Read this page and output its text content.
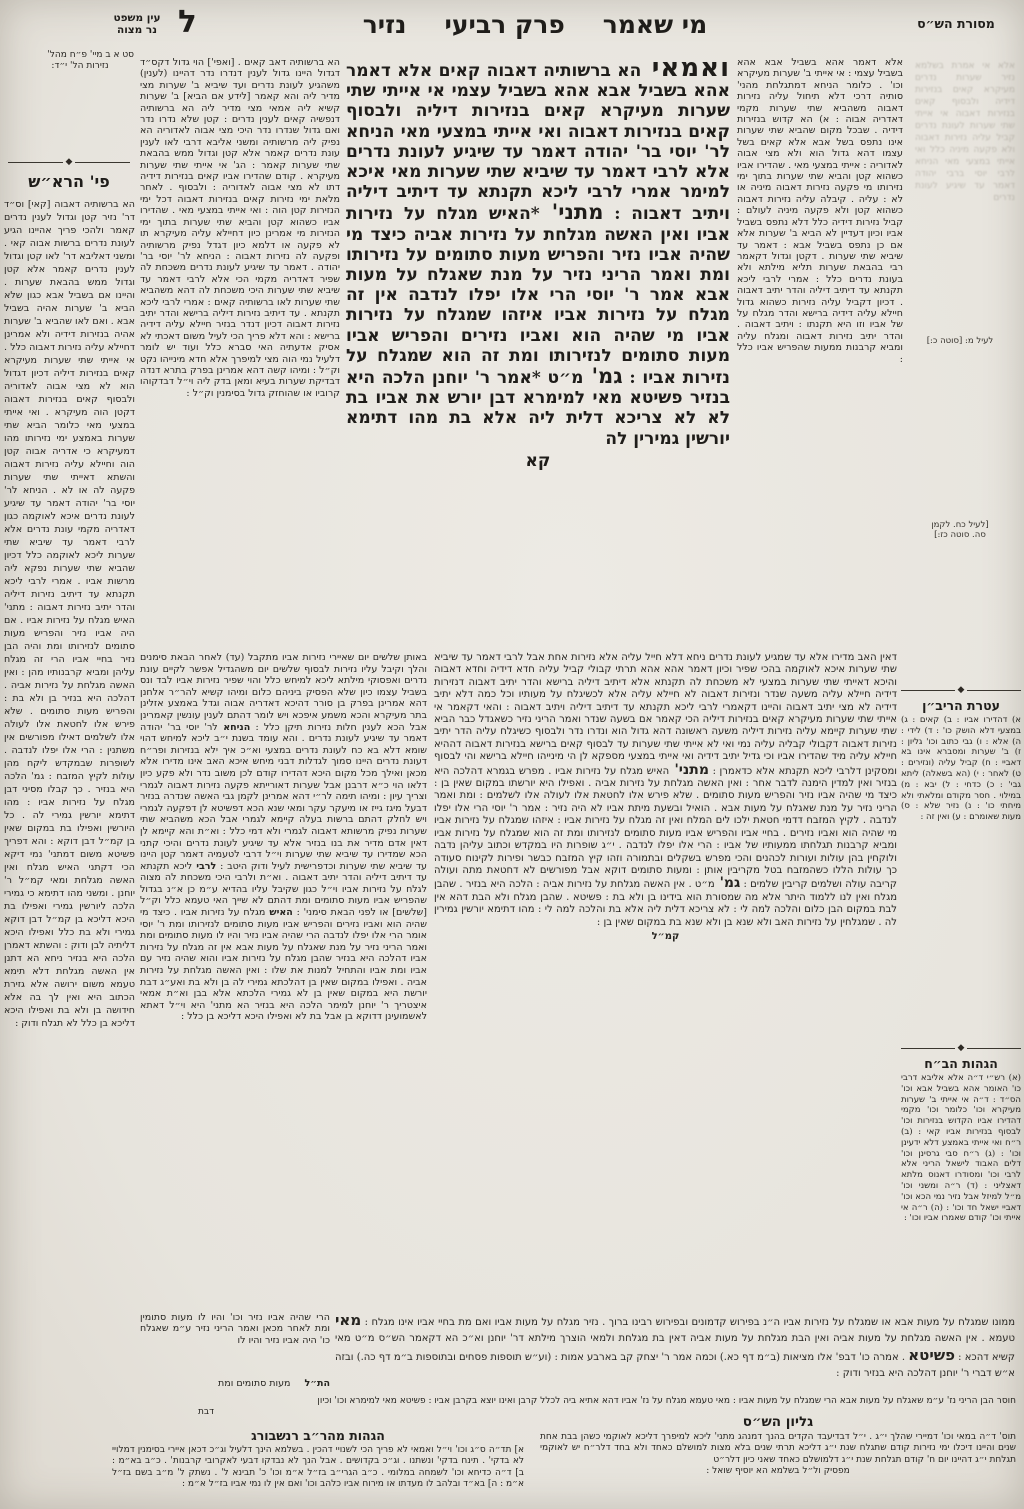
מסורת הש״ס
מי שאמר
פרק רביעי
נזיר
ל
עין משפט
נר מצוה
סט א ב מיי' פ״ח מהל'
נזירות הל' י״ד:
◆
פי' הרא״ש
הא ברשותיה דאבוה [קאי] וס״ד דר' נזיר קטן וגדול לענין נדרים קאמר ולהכי פריך אהיינו הגיע לעונת נדרים ברשות אבוה קאי . ומשני דאליבא דר' לאו קטן וגדול לענין נדרים קאמר אלא קטן וגדול ממש בהבאת שערות . והיינו אם בשביל אבא כגון שלא הביא ב' שערות אהיה בשביל אבא . ואם לאו שהביא ב' שערות אהיה בנזירות דידיה ולא אמרינן דחיילא עליה נזירות דאבוה כלל . אי אייתי שתי שערות מעיקרא קאים בנזירות דיליה דכיון דגדול הוא לא מצי אבוה לאדוריה ולבסוף קאים בנזירות דאבוה דקטן הוה מעיקרא . ואי אייתי במצעי מאי כלומר הביא שתי שערות באמצע ימי נזירותו מהו דמעיקרא כי אדריה אבוה קטן הוה וחיילא עליה נזירות דאבוה והשתא דאייתי שתי שערות פקעה לה או לא . הניחא לר' יוסי בר' יהודה דאמר עד שיגיע לעונת נדרים איכא לאוקמה כגון דאדריה מקמי עונת נדרים אלא לרבי דאמר עד שיביא שתי שערות ליכא לאוקמה כלל דכיון שהביא שתי שערות נפקא ליה מרשות אביו . אמרי לרבי ליכא תקנתא עד דיתיב נזירות דיליה והדר יתיב נזירות דאבוה : מתני' האיש מגלח על נזירות אביו . אם היה אביו נזיר והפריש מעות סתומים לנזירותו ומת והיה הבן נזיר בחיי אביו הרי זה מגלח עליהן ומביא קרבנותיו מהן : ואין האשה מגלחת על נזירות אביה . דהלכה היא בנזיר בן ולא בת : והפריש מעות סתומים . שלא פירש אלו לחטאת אלו לעולה אלו לשלמים דאילו מפורשים אין משתנין : הרי אלו יפלו לנדבה . לשופרות שבמקדש ליקח מהן עולות לקיץ המזבח : גמ' הלכה היא בנזיר . כך קבלו מסיני דבן מגלח על נזירות אביו : מהו דתימא יורשין גמירי לה . כל היורשין ואפילו בת במקום שאין בן קמ״ל דבן דוקא : והא דפריך פשיטא משום דמתני' נמי דיקא הכי דקתני האיש מגלח ואין האשה מגלחת ומאי קמ״ל ר' יוחנן . ומשני מהו דתימא כי גמירי הלכה ליורשין גמירי ואפילו בת היכא דליכא בן קמ״ל דבן דוקא גמירי ולא בת כלל ואפילו היכא דליתיה לבן ודוק : והשתא דאמרן הלכה היא בנזיר ניחא הא דתנן אין האשה מגלחת דלא תימא טעמא משום ירושה אלא גזירת הכתוב היא ואין לך בה אלא חידושה בן ולא בת ואפילו היכא דליכא בן כלל לא תגלח ודוק :
הא ברשותיה דאב קאים . [ואפי'] הוי גדול דקס״ד דגדול היינו גדול לענין דנדרו נדר דהיינו (לענין) משהגיע לעונת נדרים ועד שיביא ב' שערות מצי מדיר ליה והא קאמר [לידע אם הביא] ב' שערות קשיא ליה אמאי מצי מדיר ליה הא ברשותיה דנפשיה קאים לענין נדרים : קטן שלא נדרו נדר ואם גדול שנדרו נדר היכי מצי אבוה לאדוריה הא נפיק ליה מרשותיה ומשני אליבא דרבי לאו לענין עונת נדרים קאמר אלא קטן וגדול ממש בהבאת שתי שערות קאמר : הג' אי אייתי שתי שערות מעיקרא . קודם שהדירו אביו קאים בנזירות דידיה דתו לא מצי אבוה לאדוריה : ולבסוף . לאחר מלאת ימי נזירות קאים בנזירות דאבוה דכל ימי הנזירות קטן הוה : ואי אייתי במצעי מאי . שהדירו אביו כשהוא קטן והביא שתי שערות בתוך ימי הנזירות מי אמרינן כיון דחיילא עליה מעיקרא תו לא פקעה או דלמא כיון דגדל נפיק מרשותיה ופקעה לה נזירות דאבוה : הניחא לר' יוסי בר' יהודה . דאמר עד שיגיע לעונת נדרים משכחת לה שפיר דאדריה מקמי הכי אלא לרבי דאמר עד שיביא שתי שערות היכי משכחת לה דהא משהביא שתי שערות לאו ברשותיה קאים : אמרי לרבי ליכא תקנתא . עד דיתיב נזירות דיליה ברישא והדר יתיב נזירות דאבוה דכיון דנדר בנזיר חיילא עליה דידיה ברישא : והא דלא פריך הכי לעיל משום דאכתי לא אסיק אדעתיה האי סברא כלל ועוד יש לומר דלעיל נמי הוה מצי למיפרך אלא חדא מינייהו נקט וק״ל : ומיהו קשה דהא אמרינן בפרק בתרא דנדה דבדיקת שערות בעיא ומאן בדק ליה וי״ל דבדקוהו קרוביו או שהוחזק גדול בסימנין וק״ל :
ואמאי הא ברשותיה דאבוה קאים אלא דאמר אהא בשביל אבא אהא בשביל עצמי אי אייתי שתי שערות מעיקרא קאים בנזירות דיליה ולבסוף קאים בנזירות דאבוה ואי אייתי במצעי מאי הניחא לר' יוסי בר' יהודה דאמר עד שיגיע לעונת נדרים אלא לרבי דאמר עד שיביא שתי שערות מאי איכא למימר אמרי לרבי ליכא תקנתא עד דיתיב דיליה ויתיב דאבוה : מתני' *האיש מגלח על נזירות אביו ואין האשה מגלחת על נזירות אביה כיצד מי שהיה אביו נזיר והפריש מעות סתומים על נזירותו ומת ואמר הריני נזיר על מנת שאגלח על מעות אבא אמר ר' יוסי הרי אלו יפלו לנדבה אין זה מגלח על נזירות אביו איזהו שמגלח על נזירות אביו מי שהיה הוא ואביו נזירים והפריש אביו מעות סתומים לנזירותו ומת זה הוא שמגלח על נזירות אביו : גמ' מ״ט *אמר ר' יוחנן הלכה היא בנזיר פשיטא מאי למימרא דבן יורש את אביו בת לא לא צריכא דלית ליה אלא בת מהו דתימא יורשין גמירין לה
קא
אלא דאמר אהא בשביל אבא אהא בשביל עצמי : אי אייתי ב' שערות מעיקרא וכו' . כלומר הניחא דמתגלחת מהני' סותיה דרכי דלא תיחול עליה נזירות דאבוה משהביא שתי שערות מקמי דאדריה אבוה : א) הא קדוש בנזירות דידיה . שבכל מקום שהביא שתי שערות אינו נתפס בשל אבא אלא קאים בשל עצמו דהא גדול הוא ולא מצי אבוה לאדוריה : אייתי במצעי מאי . שהדירו אביו כשהוא קטן והביא שתי שערות בתוך ימי נזירותו מי פקעה נזירות דאבוה מיניה או לא : עליה . קיבלה עליה נזירות דאבוה כשהוא קטן ולא פקעה מיניה לעולם : קביל נזירות דידיה כלל דלא נתפס בשביל אביו וכיון דעדיין לא הביא ב' שערות אלא אם כן נתפס בשביל אבא : דאמר עד שיביא שתי שערות . דקטן וגדול דקאמר רבי בהבאת שערות תליא מילתא ולא בעונת נדרים כלל : אמרי לרבי ליכא תקנתא עד דיתיב דיליה והדר יתיב דאבוה . דכיון דקביל עליה נזירות כשהוא גדול חיילא עליה דידיה ברישא והדר מגלח על של אביו וזו היא תקנתו : ויתיב דאבוה . והדר יתיב נזירות דאבוה ומגלח עליה ומביא קרבנות ממעות שהפריש אביו כלל :
אלא אי אמרת בשלמא נזיר שערות נדרים מעיקרא קאים בנזירות דידיה ולבסוף קאים בנזירות דאבוה אי אייתי שתי שערות לעונת נדרים קביל עליה נזירות דאבוה ולא פקעה מיניה כלל ואי אייתי במצעי מאי הניחא לרבי יוסי ברבי יהודה דאמר עד שיגיע לעונת נדרים
לעיל מ: [סוטה כ:]
[לעיל כח. לקמן
סה. סוטה כז:]
באותן שלשים יום שאיירי נזירות אביו מתקבל (עד) לאחר הבאת סימנים והלך וקיבל עליו נזירות לבסוף שלשים יום משהגדיל אפשר לקיים עונת נדרים ואפסוקי מילתא ליכא למיחש כלל והוי שפיר נזירות אביו לבד ונס בשביל עצמו כיון שלא הפסיק ביניהם כלום ומיהו קשיא להר״ר אלחנן דהא אמרינן בפרק בן סורר דהיכא דאדריה אבוה וגדל באמצע אזלינן בתר מעיקרא והכא משמע איפכא ויש לומר דהתם לענין עונשין קאמרינן אבל הכא לענין חלות נזירות תיקן כלל : הניחא לר' יוסי בר' יהודה דאמר עד שיגיע לעונת נדרים . והא עומד בשנת י״ב ליכא למיחש דהוי שומא דלא בא כח לעונת נדרים במצעי וא״כ איך ילא בנזירות ופר״ח דעונת נדרים היינו סמוך לגדלות דבני מיחש איכא האב אינו מדירו אלא מכאן ואילך מכל מקום היכא דהדירו קודם לכן משוב נדר ולא פקע כיון דלאו הוי כ״א דרבנן אבל שערות דאורייתא פקעה נזירות דאבוה לגמרי וצריך עיון : ומיהו תימה לר״י דהא אמרינן לקמן גבי האשה שנדרה בנזיר דבעל מיגז גייז או מיעקר עקר ומאי שנא הכא דפשיטא לן דפקעה לגמרי ויש לחלק דהתם ברשות בעלה קיימא לגמרי אבל הכא משהביא שתי שערות נפיק מרשותא דאבוה לגמרי ולא דמי כלל : וא״ת והא קיימא לן דאין אדם מדיר את בנו בנזיר אלא עד שיגיע לעונת נדרים והיכי קתני הכא שמדירו עד שיביא שתי שערות וי״ל דרבי לטעמיה דאמר קטן היינו עד שיביא שתי שערות וכדפרישית לעיל ודוק היטב : לרבי ליכא תקנתא עד דיתיב דיליה והדר יתיב דאבוה . וא״ת ולרבי היכי משכחת לה מצוה לגלח על נזירות אביו וי״ל כגון שקיבל עליו בהדיא ע״מ כן א״נ בגדול שהפריש אביו מעות סתומים ומת דהתם לא שייך האי טעמא כלל וק״ל [שלשים] או לפני הבאת סימני' : האיש מגלח על נזירות אביו . כיצד מי שהיה הוא ואביו נזירים והפריש אביו מעות סתומים לנזירותו ומת ר' יוסי אומר הרי אלו יפלו לנדבה הרי שהיה אביו נזיר והיו לו מעות סתומים ומת ואמר הריני נזיר על מנת שאגלח על מעות אבא אין זה מגלח על נזירות אביו דהלכה היא בנזיר שהבן מגלח על נזירות אביו והוא שהיה נזיר עם אביו ומת אביו והתחיל למנות את שלו : ואין האשה מגלחת על נזירות אביה . ואפילו במקום שאין בן דהלכתא גמירי לה בן ולא בת ואע״ג דבת יורשת היא במקום שאין בן לא גמירי הלכתא אלא בבן וא״ת אמאי איצטריך ר' יוחנן למימר הלכה היא בנזיר הא מתני' היא וי״ל דאתא לאשמועינן דדוקא בן אבל בת לא ואפילו היכא דליכא בן כלל :
דאין האב מדירו אלא עד שמגיע לעונת נדרים ניחא דלא חייל עליה אלא נזירות אחת אבל לרבי דאמר עד שיביא שתי שערות איכא לאוקמה בהכי שפיר וכיון דאמר אהא אהא תרתי קבולי קביל עליה חדא דידיה וחדא דאבוה והיכא דאייתי שתי שערות במצעי לא משכחת לה תקנתא אלא דיתיב דיליה ברישא והדר יתיב דאבוה דנזירות דידיה חיילא עליה משעה שנדר ונזירות דאבוה לא חיילא עליה אלא לכשיגלח על מעותיו וכל כמה דלא יתיב דידיה לא מצי יתיב דאבוה והיינו דקאמרי לרבי ליכא תקנתא עד דיתיב דיליה ויתיב דאבוה : והאי דקאמר אי אייתי שתי שערות מעיקרא קאים בנזירות דיליה הכי קאמר אם בשעה שנדר ואמר הריני נזיר כשאגדל כבר הביא שתי שערות קיימא עליה נזירות דיליה משעה ראשונה דהא גדול הוא ונדרו נדר ולבסוף כשיגלח עליה הדר יתיב נזירות דאבוה דקבולי קבליה עליה נמי ואי לא אייתי שתי שערות עד לבסוף קאים ברישא בנזירות דאבוה דההיא חיילא עליה מיד שהדירו אביו וכי גדיל יתיב דידיה ואי אייתי במצעי מספקא לן הי מינייהו חיילא ברישא והי לבסוף ומסקינן דלרבי ליכא תקנתא אלא כדאמרן : מתני' האיש מגלח על נזירות אביו . מפרש בגמרא דהלכה היא בנזיר ואין למדין הימנה לדבר אחר : ואין האשה מגלחת על נזירות אביה . ואפילו היא יורשתו במקום שאין בן : כיצד מי שהיה אביו נזיר והפריש מעות סתומים . שלא פירש אלו לחטאת אלו לעולה אלו לשלמים : ומת ואמר הריני נזיר על מנת שאגלח על מעות אבא . הואיל ובשעת מיתת אביו לא היה נזיר : אמר ר' יוסי הרי אלו יפלו לנדבה . לקיץ המזבח דדמי חטאת ילכו לים המלח ואין זה מגלח על נזירות אביו : איזהו שמגלח על נזירות אביו מי שהיה הוא ואביו נזירים . בחיי אביו והפריש אביו מעות סתומים לנזירותו ומת זה הוא שמגלח על נזירות אביו ומביא קרבנות תגלחתו ממעותיו של אביו : הרי אלו יפלו לנדבה . י״ג שופרות היו במקדש וכתוב עליהן נדבה ולוקחין בהן עולות ועורות לכהנים והכי מפרש בשקלים ובתמורה וזהו קיץ המזבח כבשר ופירות לקינוח סעודה כך עולות הללו כשהמזבח בטל מקריבין אותן : ומעות סתומים דוקא אבל מפורשים לא דחטאת מתה ועולה קריבה עולה ושלמים קריבין שלמים : גמ' מ״ט . אין האשה מגלחת על נזירות אביה : הלכה היא בנזיר . שהבן מגלח ואין לנו ללמוד היתר אלא מה שמסורת הוא בידינו בן ולא בת : פשיטא . שהבן מגלח ולא הבת דהא אין לבת במקום הבן כלום והלכה למה לי : לא צריכא דלית ליה אלא בת והלכה למה לי : מהו דתימא יורשין גמירין לה . שמגלחין על נזירות האב ולא שנא בן ולא שנא בת במקום שאין בן :
קמ״ל
◆
עטרת הריב״ן
א) דהדירו אביו : ב) קאים : ג) במצעי דלא הושק כו' : ד) לידי : ה) אלא : ו) גבי כתוב וכו' גליון : ז) ב' שערות ומסברא אינו בא דאביי : ח) קביל עליה (ונזירים : ט) לאחר : י) (הא בשאלה) ליתא גבי' : כ) כדחי : ל) יבא : מ) במילוי . חסר מקודם ומלאתי ולא מיחתי כו' : נ) נזיר שלא : ס) מעות שאומרם : ע) ואין זה :
◆
הגהות הב״ח
(א) רש״י ד״ה אלא אליבא דרבי כו' האומר אהא בשביל אבא וכו' הס״ד : ד״ה אי אייתי ב' שערות מעיקרא וכו' כלומר וכו' מקמי דהדירו אביו הקדוש בנזירות וכו' לבסוף בנזירות אביו קאי : (ב) ר״ח ואי אייתי באמצע דלא ידעינן וכו' : (ג) ר״ח סבי גרסינן וכו' דלים האבוד לישאל הריני אלא לרבי וכו' ומסודרו דאנוס מלתא דאצליני : (ד) ר״ה ומשני וכו' מ״ל למיזל אבל נזיר נמי הכא וכו' דאביי ישאל חד וכו' : (ה) ר״ה אי אייתי וכו' קודם שאמרו אביו וכו' :
הרי שהיה אביו נזיר וכו' והיו לו מעות סתומין ומת לאחר מכאן ואמר הריני נזיר ע״מ שאגלח כו' היה אביו נזיר והיו לו
הת״ל
מעות סתומים ומת
ממונו שמגלח על מעות אבא או שמגלח על נזירות אביו ה״נ בפירוש קדמונים ובפירוש רבינו ברוך . נזיר מגלח על מעות אביו ואם מת בחיי אביו אינו מגלח : מאי טעמא . אין האשה מגלחת על מעות אביה ואין הבת מגלחת על מעות אביה דאין בת מגלחת ולמאי הוצרך מילתא דר' יוחנן וא״כ הא דקאמר הש״ס מ״ט מאי קשיא דהכא : פשיטא . אמרה כו' דבפ' אלו מציאות (ב״מ דף כא.) וכמה אמר ר' יצחק קב בארבע אמות : (וע״ש תוספות פסחים ובתוספות ב״מ דף כה.) ובזה א״ש דברי ר' יוחנן דהלכה היא בנזיר ודוק :
חוסר הבן הריני נז' ע״מ שאגלח על מעות אבא הרי שמגלח על מעות אביו : מאי טעמא מגלח על נז' אביו דהא אתיא ביה לכלל קרבן ואינו יוצא בקרבן אביו : פשיטא מאי למימרא וכו' וכיון
דבת
גליון הש״ס
תוס' ד״ה במאי וכו' דמיירי שהלך י״ג . י״ל דבדיעבד הקדים בהנך דמנהג מתני' ליכא למיפרך דליכא לאוקמי כשהן בבת אחת שנים והיינו דיכלו ימי נזירות קודם שתגלח שנת י״ג דליכא תרתי שנים בלא מצות למושלם כאחד ולא בחד דלר״ח יש לאוקמי תגלחת י״ג דהיינו יום ח' קודם תגלחת שנת י״ג דלמושלם כאחד שאני כיון דלר״ט
מפסיק ול״ל בשלמא הא יוסיף שואל :
הגהות מהר״ב רנשבורג
א] תד״ה ס״ג וכו' וי״ל ואמאי לא פריך הכי לשנויי דהכין . בשלמא הינך דלעיל וג״כ דכאן איירי בסימנין דמלויי לא בדקי' . תינח בדקי' ונשתנו . וג״כ בקדושים . אבל הנך לא נבדקו דבעי לאקרובי קרבנות' . כ״ב בא״מ : ב] ד״ה כדיחא וכו' לשמחה במלומי . כ״ב הגרי״ב בז״ל א״מ וכו' כ' תבינא ל' . נשתק ל' מ״ב בשם בז״ל א״מ : ה] בא״ד ובלהב לו מעדתו או מירוח אביו כלהב וכו' ואם אין לו נמי אביו בז״ל א״מ :
